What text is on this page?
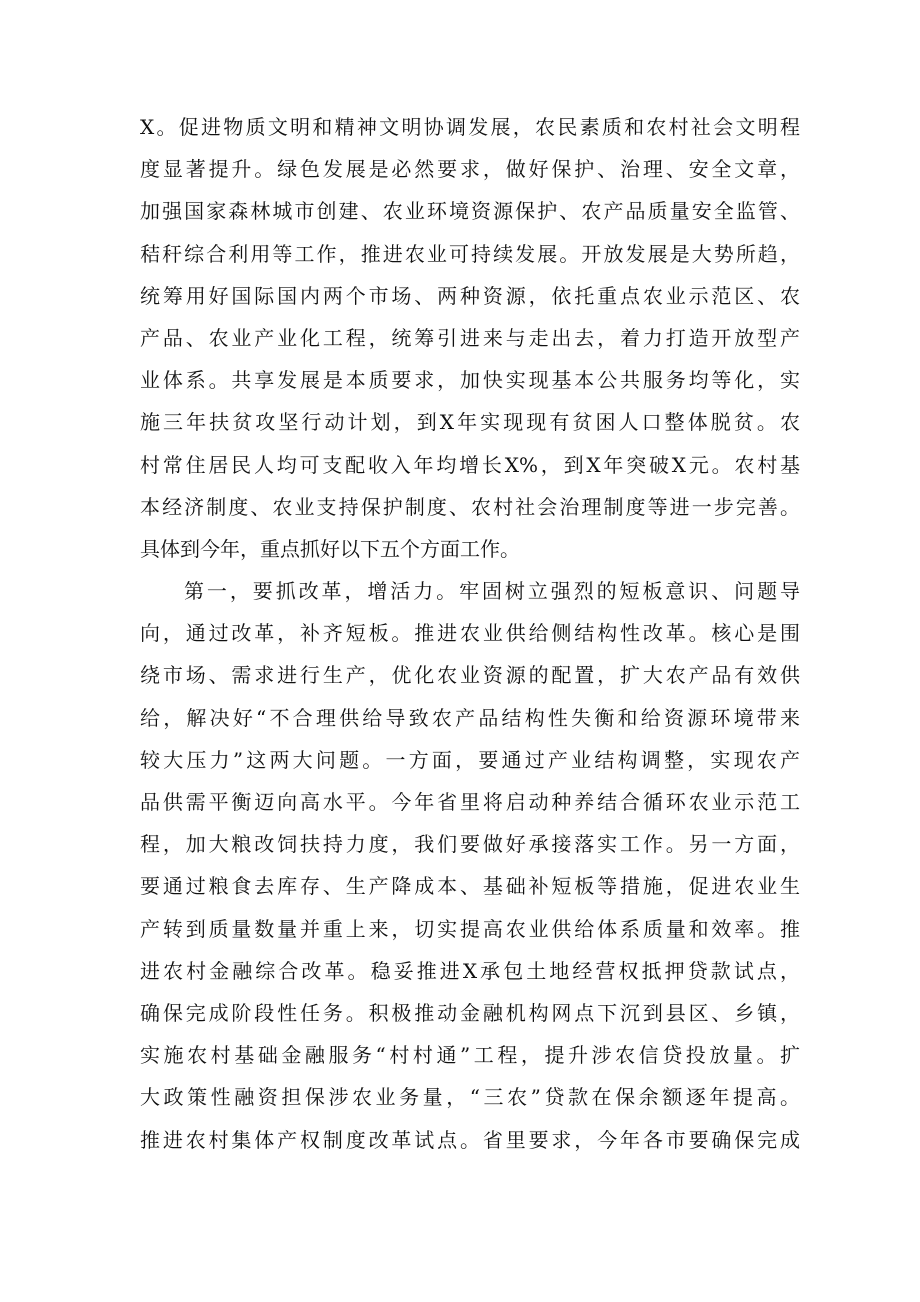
X。促进物质文明和精神文明协调发展，农民素质和农村社会文明程
度显著提升。绿色发展是必然要求，做好保护、治理、安全文章，
加强国家森林城市创建、农业环境资源保护、农产品质量安全监管、
秸秆综合利用等工作，推进农业可持续发展。开放发展是大势所趋，
统筹用好国际国内两个市场、两种资源，依托重点农业示范区、农
产品、农业产业化工程，统筹引进来与走出去，着力打造开放型产
业体系。共享发展是本质要求，加快实现基本公共服务均等化，实
施三年扶贫攻坚行动计划，到X年实现现有贫困人口整体脱贫。农
村常住居民人均可支配收入年均增长X%，到X年突破X元。农村基
本经济制度、农业支持保护制度、农村社会治理制度等进一步完善。
具体到今年，重点抓好以下五个方面工作。
第一，要抓改革，增活力。牢固树立强烈的短板意识、问题导
向，通过改革，补齐短板。推进农业供给侧结构性改革。核心是围
绕市场、需求进行生产，优化农业资源的配置，扩大农产品有效供
给，解决好“不合理供给导致农产品结构性失衡和给资源环境带来
较大压力”这两大问题。一方面，要通过产业结构调整，实现农产
品供需平衡迈向高水平。今年省里将启动种养结合循环农业示范工
程，加大粮改饲扶持力度，我们要做好承接落实工作。另一方面，
要通过粮食去库存、生产降成本、基础补短板等措施，促进农业生
产转到质量数量并重上来，切实提高农业供给体系质量和效率。推
进农村金融综合改革。稳妥推进X承包土地经营权抵押贷款试点，
确保完成阶段性任务。积极推动金融机构网点下沉到县区、乡镇，
实施农村基础金融服务“村村通”工程，提升涉农信贷投放量。扩
大政策性融资担保涉农业务量，“三农”贷款在保余额逐年提高。
推进农村集体产权制度改革试点。省里要求，今年各市要确保完成
